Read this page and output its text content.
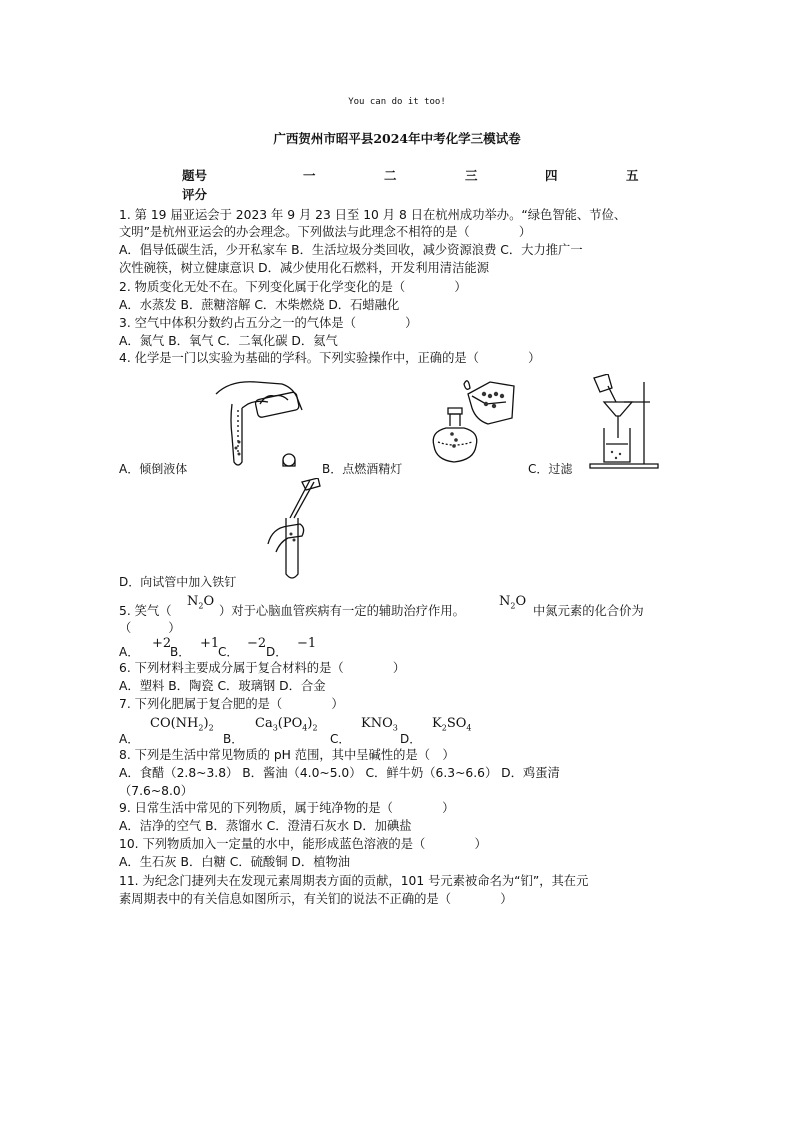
You can do it too!
广西贺州市昭平县2024年中考化学三模试卷
题号	一	二	三	四	五
评分
1. 第 19 届亚运会于 2023 年 9 月 23 日至 10 月 8 日在杭州成功举办。“绿色智能、节俭、
文明”是杭州亚运会的办会理念。下列做法与此理念不相符的是（　　　　）
A．倡导低碳生活，少开私家车 B．生活垃圾分类回收，减少资源浪费 C．大力推广一
次性碗筷，树立健康意识 D．减少使用化石燃料，开发利用清洁能源
2. 物质变化无处不在。下列变化属于化学变化的是（　　　　）
A．水蒸发 B．蔗糖溶解 C．木柴燃烧 D．石蜡融化
3. 空气中体积分数约占五分之一的气体是（　　　　）
A．氮气 B．氧气 C．二氧化碳 D．氦气
4. 化学是一门以实验为基础的学科。下列实验操作中，正确的是（　　　　）
A．倾倒液体	B．点燃酒精灯	C．过滤
D．向试管中加入铁钉
5. 笑气（
$N_2O$
）对于心脑血管疾病有一定的辅助治疗作用。
$N_2O$
中氮元素的化合价为
（　　　）
A．
+2
B．
+1
C．
−2
D．
−1
6. 下列材料主要成分属于复合材料的是（　　　　）
A．塑料 B．陶瓷 C．玻璃钢 D．合金
7. 下列化肥属于复合肥的是（　　　　）
A．
$CO(NH_2)_2$
B．
$Ca_3(PO_4)_2$
C．
$KNO_3$
D．
$K_2SO_4$
8. 下列是生活中常见物质的 pH 范围，其中呈碱性的是（　）
A．食醋（2.8~3.8） B．酱油（4.0~5.0） C．鲜牛奶（6.3~6.6） D．鸡蛋清
（7.6~8.0）
9. 日常生活中常见的下列物质，属于纯净物的是（　　　　）
A．洁净的空气 B．蒸馏水 C．澄清石灰水 D．加碘盐
10. 下列物质加入一定量的水中，能形成蓝色溶液的是（　　　　）
A．生石灰 B．白糖 C．硫酸铜 D．植物油
11. 为纪念门捷列夫在发现元素周期表方面的贡献，101 号元素被命名为“钔”，其在元
素周期表中的有关信息如图所示，有关钔的说法不正确的是（　　　　）
